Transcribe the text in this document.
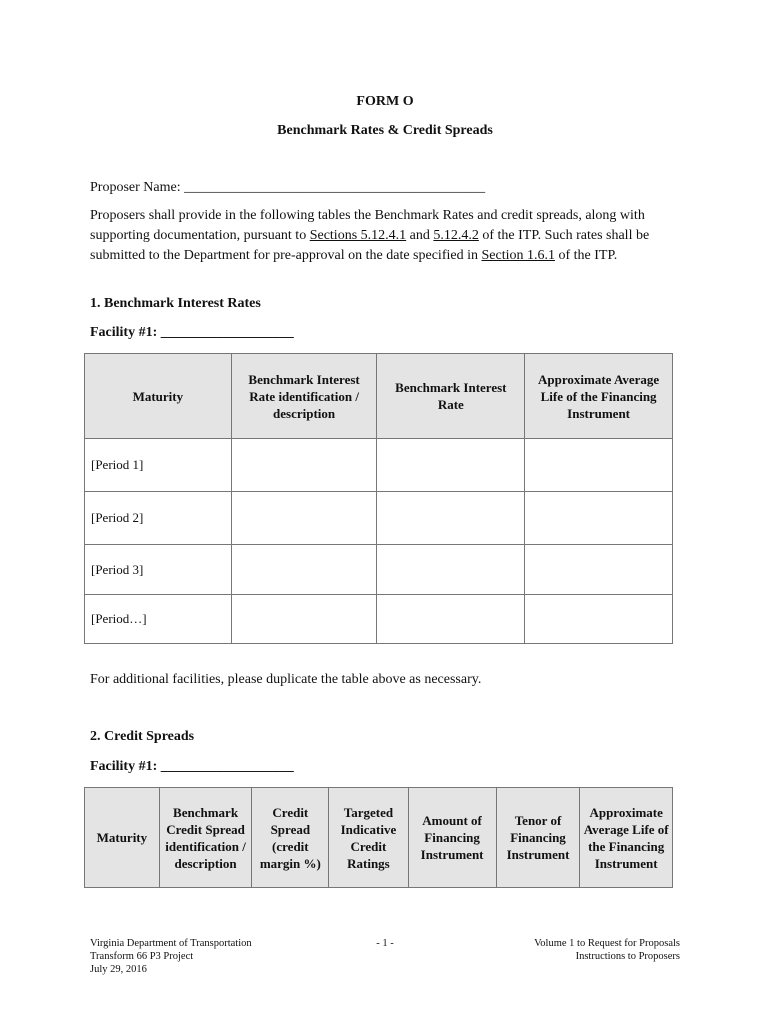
FORM O
Benchmark Rates & Credit Spreads
Proposer Name: ___________________________________________
Proposers shall provide in the following tables the Benchmark Rates and credit spreads, along with supporting documentation, pursuant to Sections 5.12.4.1 and 5.12.4.2 of the ITP. Such rates shall be submitted to the Department for pre-approval on the date specified in Section 1.6.1 of the ITP.
1. Benchmark Interest Rates
Facility #1: ___________________
Maturity	Benchmark Interest Rate identification / description	Benchmark Interest Rate	Approximate Average Life of the Financing Instrument
[Period 1]			
[Period 2]			
[Period 3]			
[Period…]			
For additional facilities, please duplicate the table above as necessary.
2. Credit Spreads
Facility #1: ___________________
Maturity	Benchmark Credit Spread identification / description	Credit Spread (credit margin %)	Targeted Indicative Credit Ratings	Amount of Financing Instrument	Tenor of Financing Instrument	Approximate Average Life of the Financing Instrument
Virginia Department of Transportation
Transform 66 P3 Project
July 29, 2016
- 1 -	Volume 1 to Request for Proposals
Instructions to Proposers
